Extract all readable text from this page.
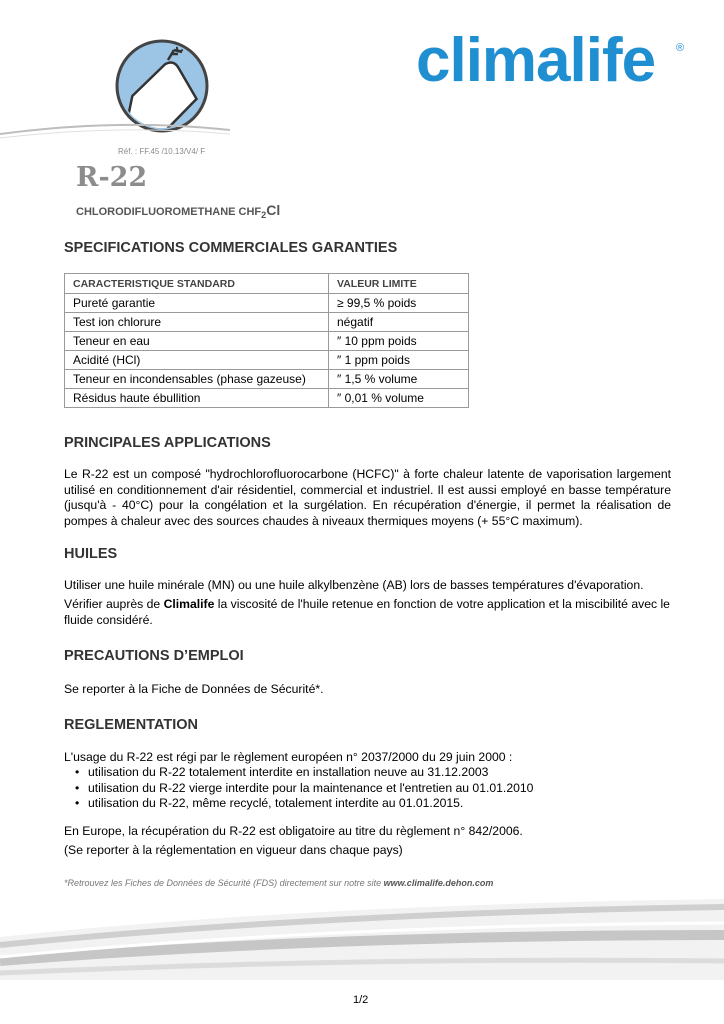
climalife ®
Réf. : FF.45 /10.13/V4/ F
R-22
CHLORODIFLUOROMETHANE $CHF_2Cl$
SPECIFICATIONS COMMERCIALES GARANTIES
CARACTERISTIQUE STANDARD	VALEUR LIMITE
Pureté garantie	≥ 99,5 % poids
Test ion chlorure	négatif
Teneur en eau	″ 10 ppm poids
Acidité (HCl)	″ 1 ppm poids
Teneur en incondensables (phase gazeuse)	″ 1,5 % volume
Résidus haute ébullition	″ 0,01 % volume
PRINCIPALES APPLICATIONS
Le R-22 est un composé "hydrochlorofluorocarbone (HCFC)" à forte chaleur latente de vaporisation largement utilisé en conditionnement d'air résidentiel, commercial et industriel. Il est aussi employé en basse température (jusqu'à - 40°C) pour la congélation et la surgélation. En récupération d'énergie, il permet la réalisation de pompes à chaleur avec des sources chaudes à niveaux thermiques moyens (+ 55°C maximum).
HUILES
Utiliser une huile minérale (MN) ou une huile alkylbenzène (AB) lors de basses températures d'évaporation.
Vérifier auprès de Climalife la viscosité de l'huile retenue en fonction de votre application et la miscibilité avec le fluide considéré.
PRECAUTIONS D’EMPLOI
Se reporter à la Fiche de Données de Sécurité*.
REGLEMENTATION
L'usage du R-22 est régi par le règlement européen n° 2037/2000 du 29 juin 2000 :
• utilisation du R-22 totalement interdite en installation neuve au 31.12.2003
• utilisation du R-22 vierge interdite pour la maintenance et l'entretien au 01.01.2010
• utilisation du R-22, même recyclé, totalement interdite au 01.01.2015.
En Europe, la récupération du R-22 est obligatoire au titre du règlement n° 842/2006.
(Se reporter à la réglementation en vigueur dans chaque pays)
*Retrouvez les Fiches de Données de Sécurité (FDS) directement sur notre site www.climalife.dehon.com
1/2
